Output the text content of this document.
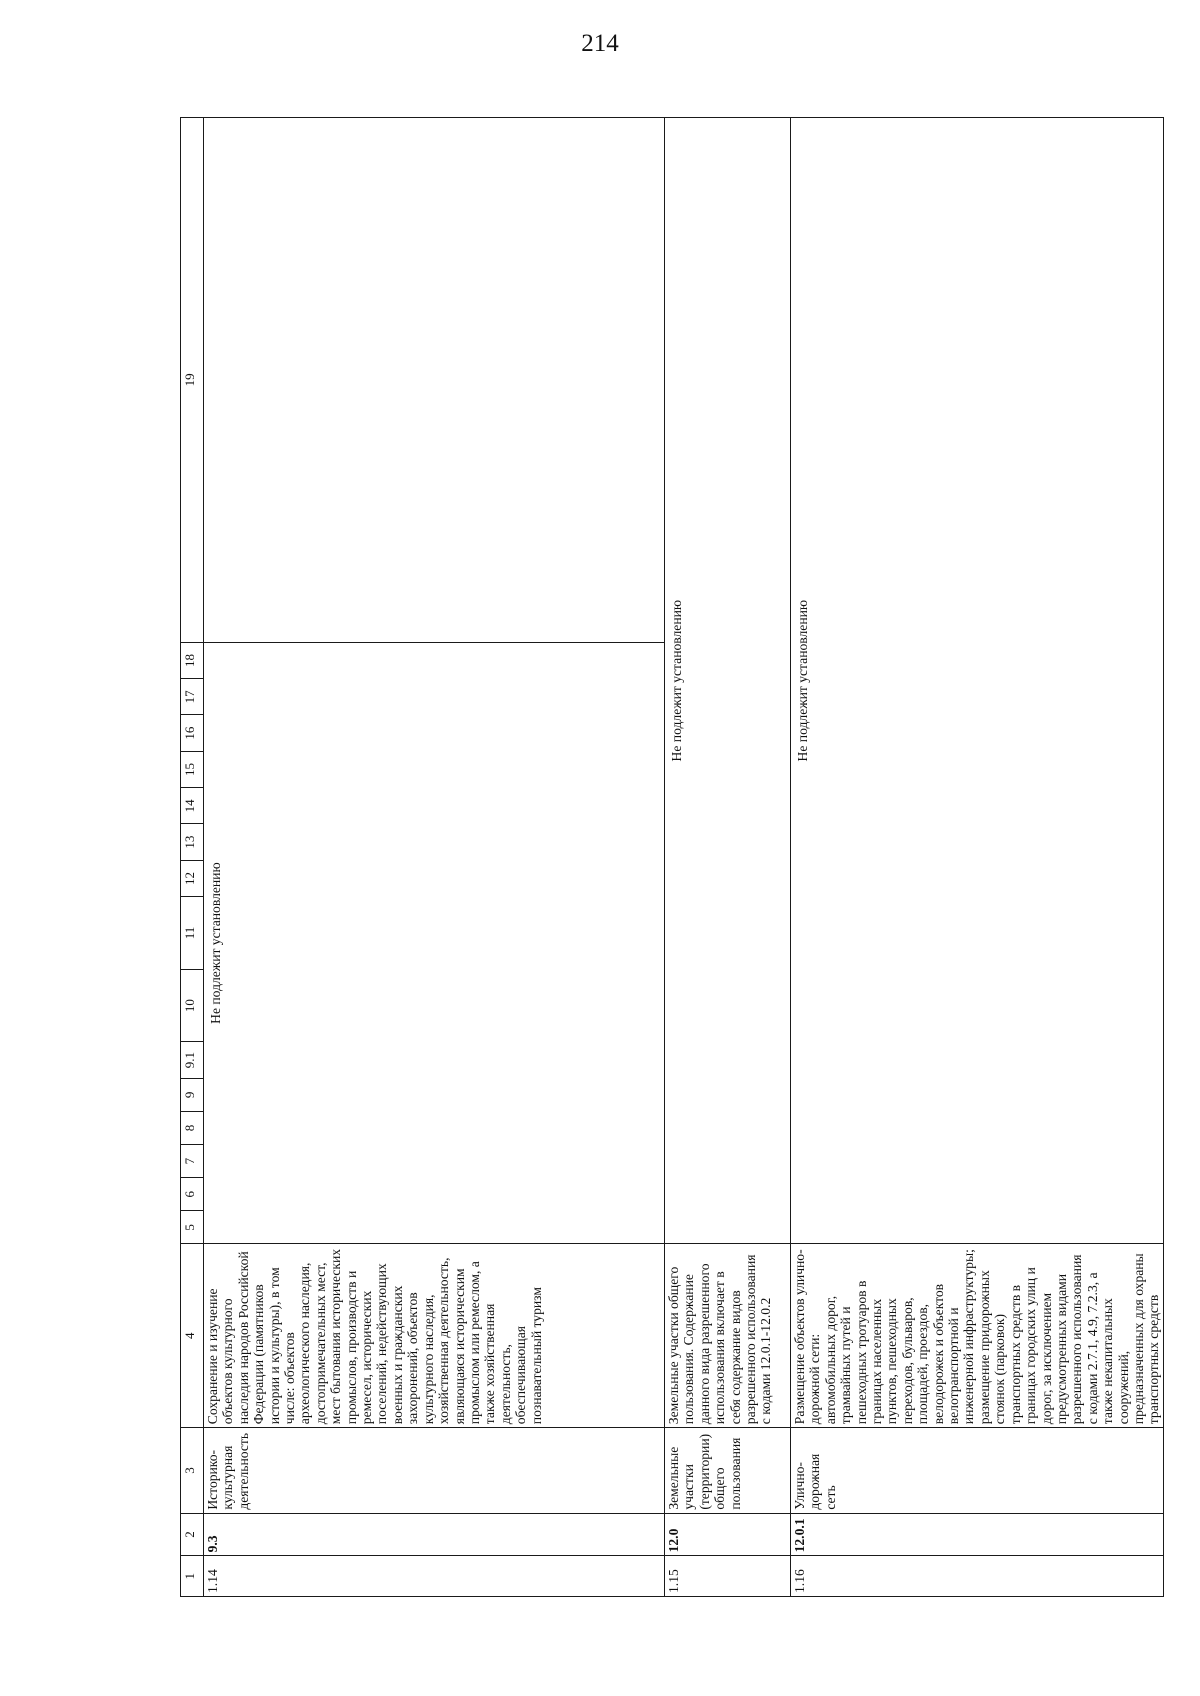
214
1	2	3	4	5	6	7	8	9	9.1	10	11	12	13	14	15	16	17	18	19
1.14	9.3	Историко-культурная деятельность	Сохранение и изучение объектов культурного наследия народов Российской Федерации (памятников истории и культуры), в том числе: объектов археологического наследия, достопримечательных мест, мест бытования исторических промыслов, производств и ремесел, исторических поселений, недействующих военных и гражданских захоронений, объектов культурного наследия, хозяйственная деятельность, являющаяся историческим промыслом или ремеслом, а также хозяйственная деятельность, обеспечивающая познавательный туризм	Не подлежит установлению															
1.15	12.0	Земельные участки (территории) общего пользования	Земельные участки общего пользования. Содержание данного вида разрешенного использования включает в себя содержание видов разрешенного использования с кодами 12.0.1-12.0.2	Не подлежит установлению															
1.16	12.0.1	Улично-дорожная сеть	Размещение объектов улично-дорожной сети: автомобильных дорог, трамвайных путей и пешеходных тротуаров в границах населенных пунктов, пешеходных переходов, бульваров, площадей, проездов, велодорожек и объектов велотранспортной и инженерной инфраструктуры; размещение придорожных стоянок (парковок) транспортных средств в границах городских улиц и дорог, за исключением предусмотренных видами разрешенного использования с кодами 2.7.1, 4.9, 7.2.3, а также некапитальных сооружений, предназначенных для охраны транспортных средств	Не подлежит установлению															
